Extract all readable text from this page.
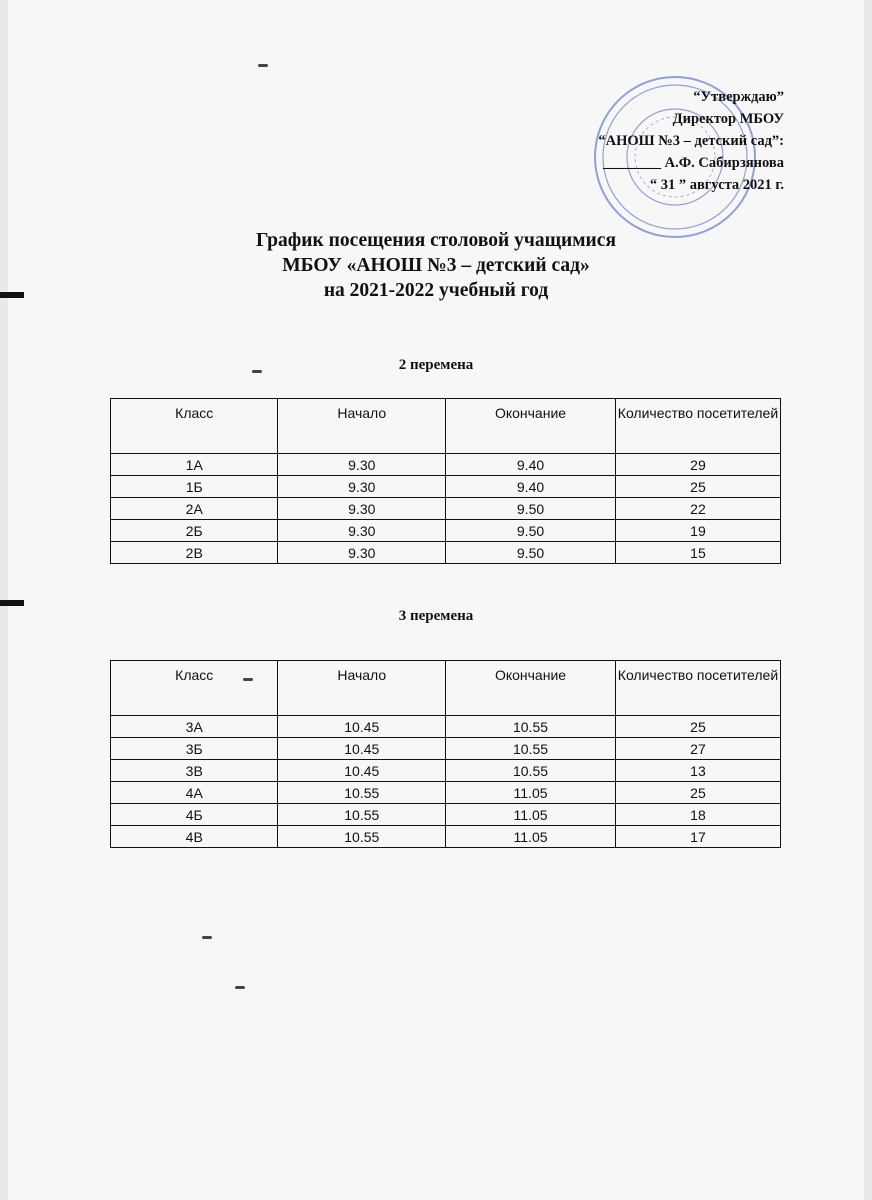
“Утверждаю”
Директор МБОУ
“АНОШ №3 – детский сад”:
________ А.Ф. Сабирзянова
“ 31 ” августа 2021 г.
График посещения столовой учащимися
МБОУ «АНОШ №3 – детский сад»
на 2021-2022 учебный год
2 перемена
Класс	Начало	Окончание	Количество посетителей
1А	9.30	9.40	29
1Б	9.30	9.40	25
2А	9.30	9.50	22
2Б	9.30	9.50	19
2В	9.30	9.50	15
3 перемена
Класс	Начало	Окончание	Количество посетителей
3А	10.45	10.55	25
3Б	10.45	10.55	27
3В	10.45	10.55	13
4А	10.55	11.05	25
4Б	10.55	11.05	18
4В	10.55	11.05	17
